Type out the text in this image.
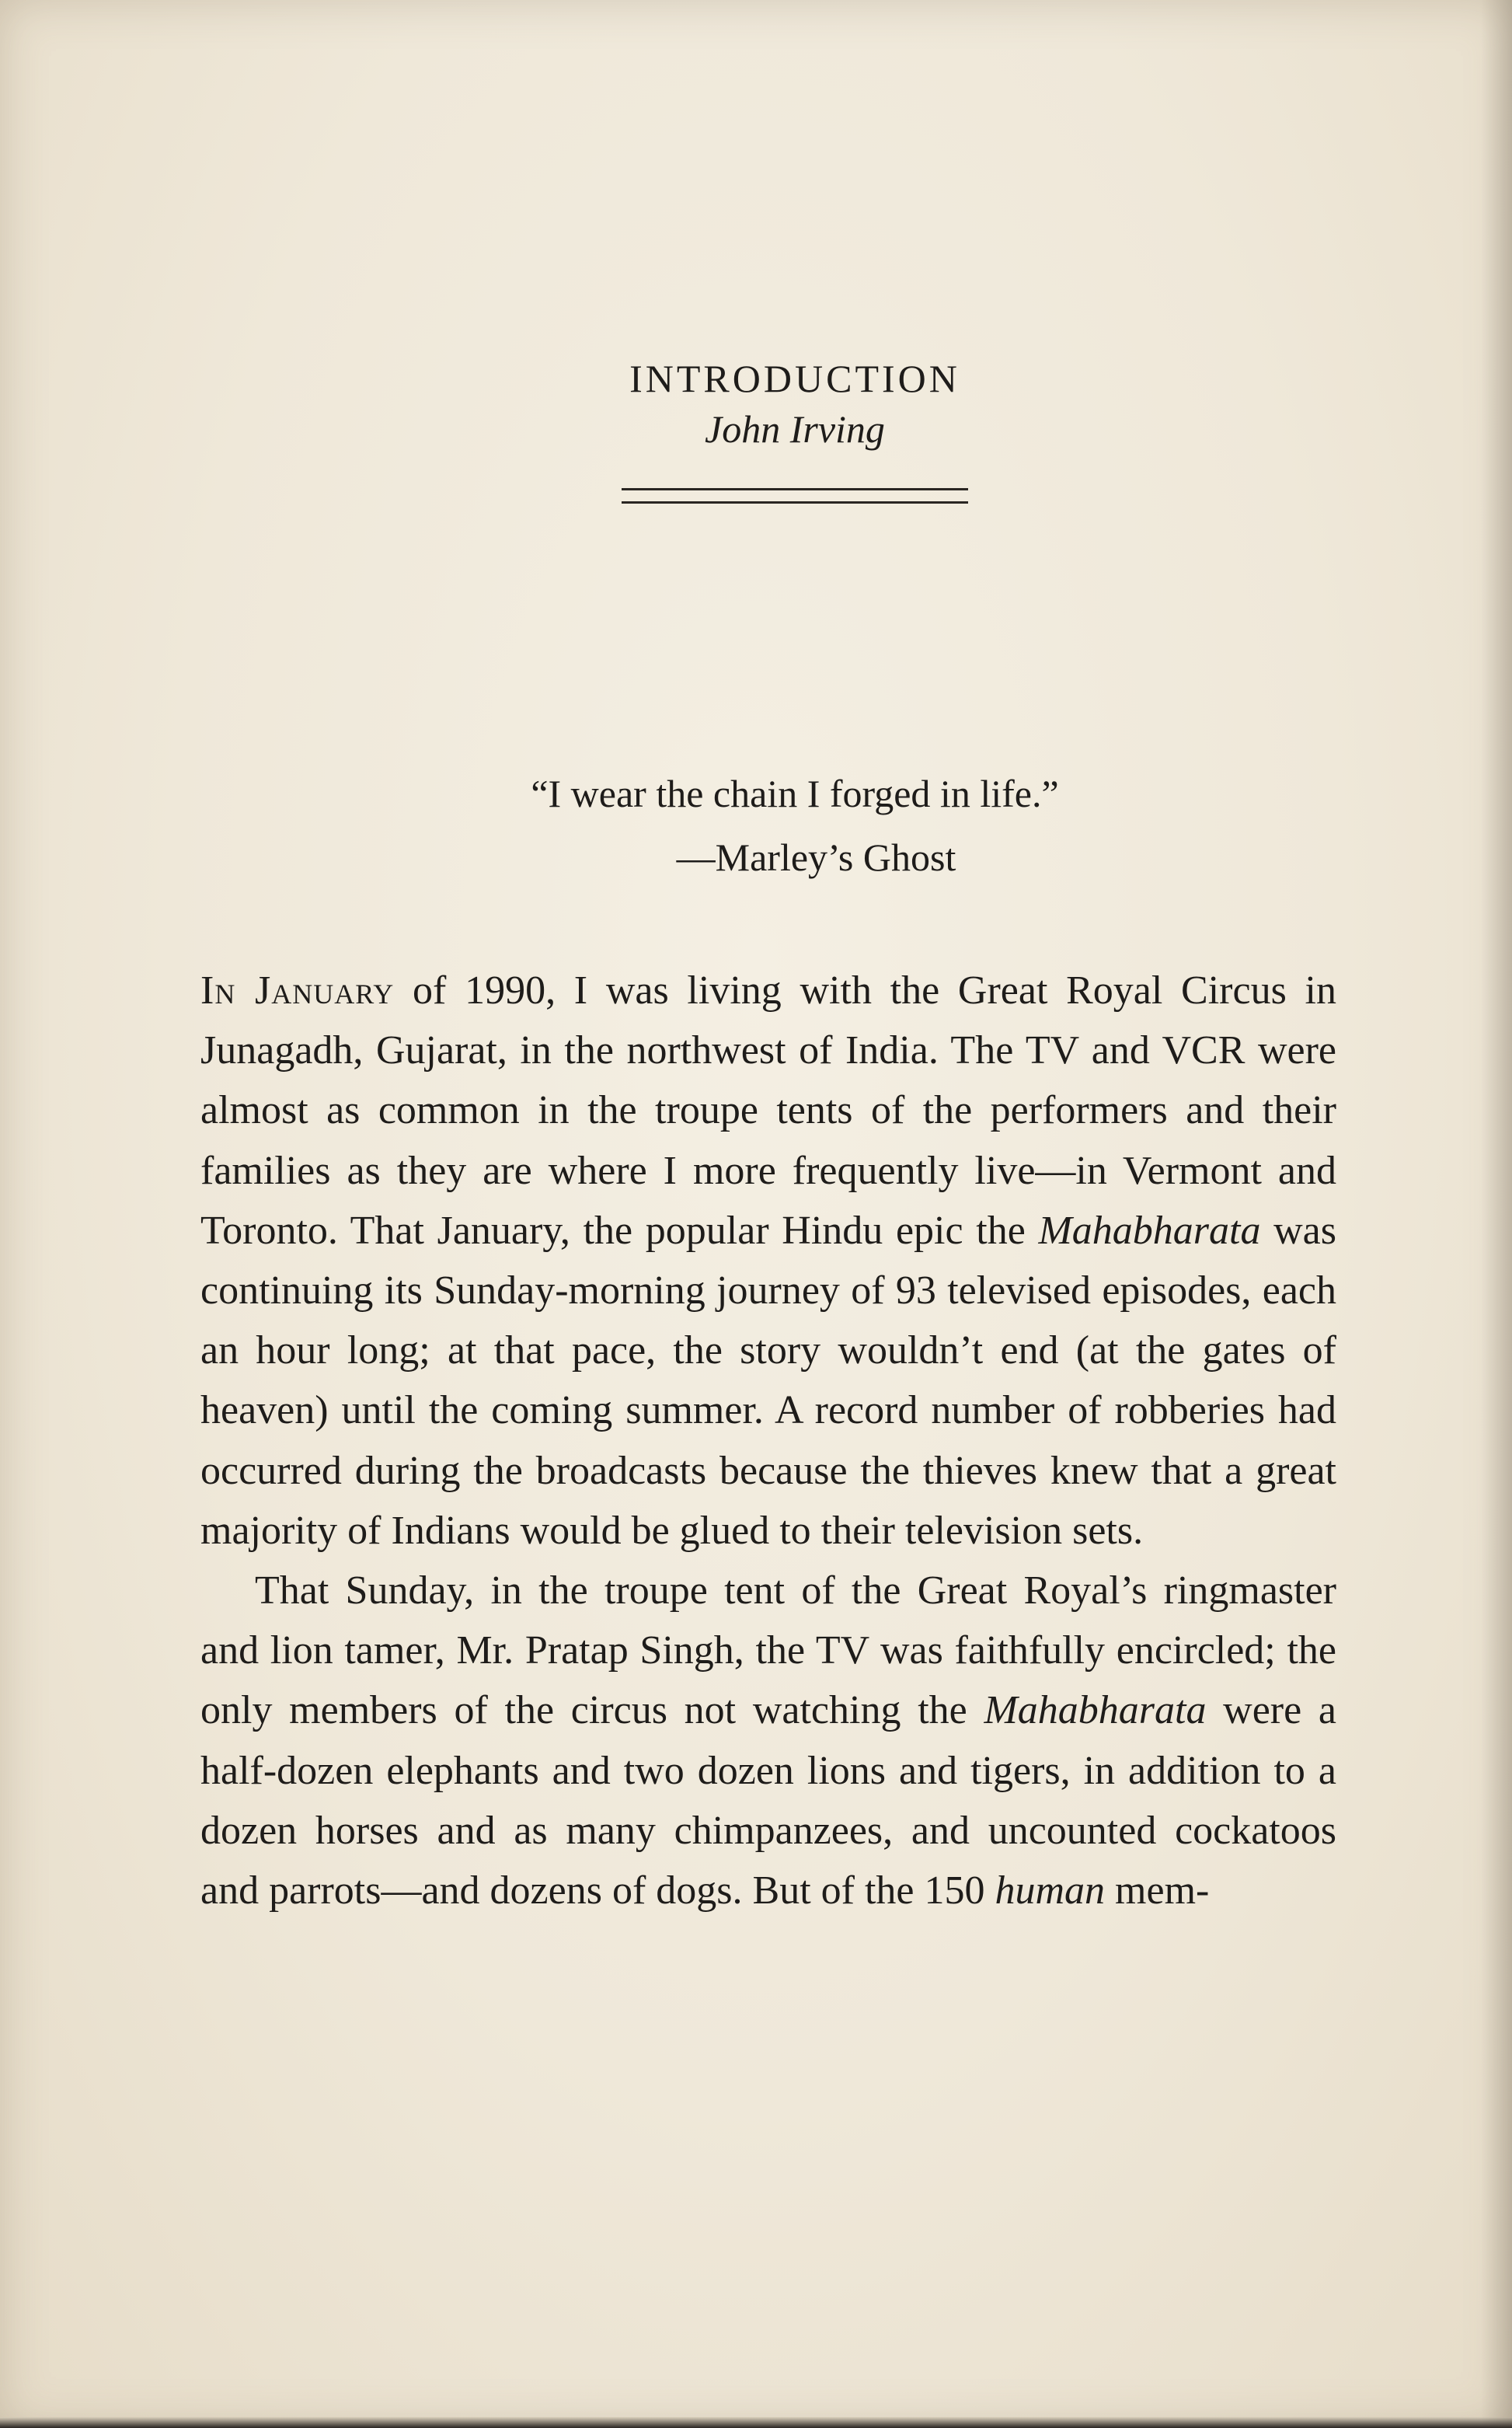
INTRODUCTION
John Irving
“I wear the chain I forged in life.”
—Marley’s Ghost

In January of 1990, I was living with the Great Royal Circus in Junagadh, Gujarat, in the northwest of India. The TV and VCR were almost as common in the troupe tents of the performers and their families as they are where I more frequently live—in Vermont and Toronto. That January, the popular Hindu epic the Mahabharata was continuing its Sunday-morning journey of 93 televised episodes, each an hour long; at that pace, the story wouldn’t end (at the gates of heaven) until the coming summer. A record number of robberies had occurred during the broadcasts because the thieves knew that a great majority of Indians would be glued to their television sets.

That Sunday, in the troupe tent of the Great Royal’s ringmaster and lion tamer, Mr. Pratap Singh, the TV was faithfully encircled; the only members of the circus not watching the Mahabharata were a half-dozen elephants and two dozen lions and tigers, in addition to a dozen horses and as many chimpanzees, and uncounted cockatoos and parrots—and dozens of dogs. But of the 150 human mem-
